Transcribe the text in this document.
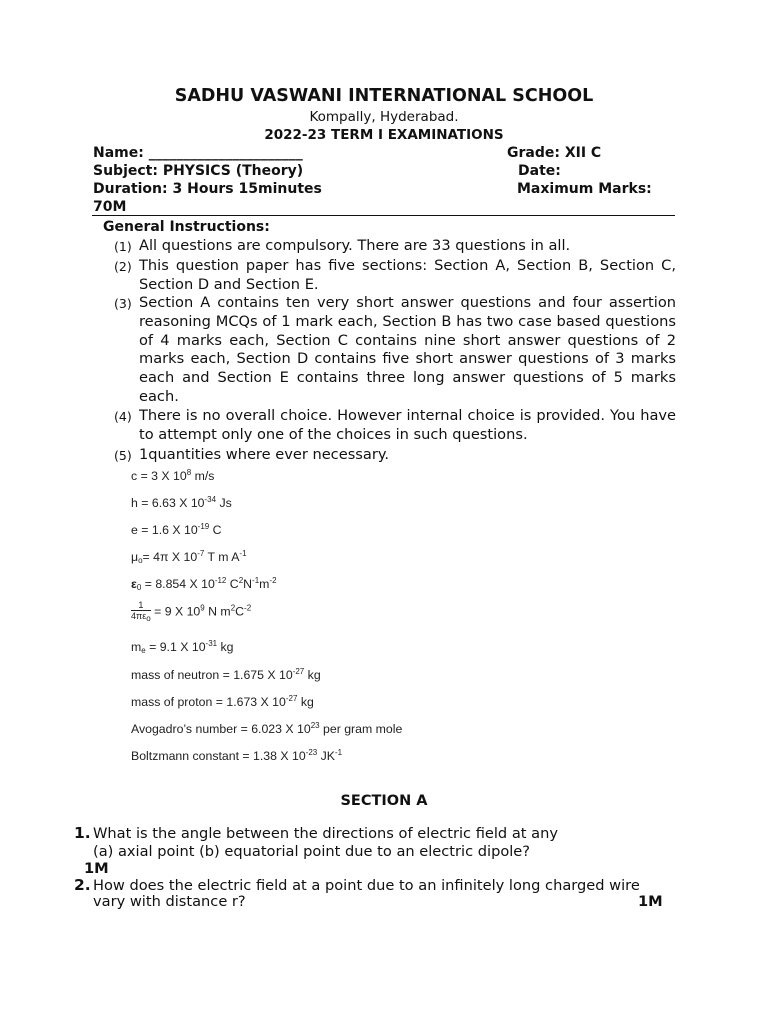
SADHU VASWANI INTERNATIONAL SCHOOL
Kompally, Hyderabad.
2022-23 TERM I EXAMINATIONS
Name: ______________________	Grade: XII C
Subject: PHYSICS (Theory)	Date:
Duration: 3 Hours 15minutes	Maximum Marks:
70M
General Instructions:
(1) All questions are compulsory. There are 33 questions in all.
(2) This question paper has five sections: Section A, Section B, Section C, Section D and Section E.
(3) Section A contains ten very short answer questions and four assertion reasoning MCQs of 1 mark each, Section B has two case based questions of 4 marks each, Section C contains nine short answer questions of 2 marks each, Section D contains five short answer questions of 3 marks each and Section E contains three long answer questions of 5 marks each.
(4) There is no overall choice. However internal choice is provided. You have to attempt only one of the choices in such questions.
(5) 1quantities where ever necessary.
c = 3 X $10^8$ m/s
h = 6.63 X $10^{-34}$ Js
e = 1.6 X $10^{-19}$ C
$\mu_o= 4\pi$ X $10^{-7}$ T m $A^{-1}$
$\varepsilon_0 = 8.854$ X $10^{-12}$ $C^2N^{-1}m^{-2}$
$\frac{1}{4\pi\varepsilon_o} = 9$ X $10^9$ N $m^2C^{-2}$
$m_e = 9.1$ X $10^{-31}$ kg
mass of neutron = 1.675 X $10^{-27}$ kg
mass of proton = 1.673 X $10^{-27}$ kg
Avogadro’s number = 6.023 X $10^{23}$ per gram mole
Boltzmann constant = 1.38 X $10^{-23}$ $JK^{-1}$
SECTION A
1. What is the angle between the directions of electric field at any
(a) axial point (b) equatorial point due to an electric dipole?
1M
2. How does the electric field at a point due to an infinitely long charged wire
vary with distance r?	1M
